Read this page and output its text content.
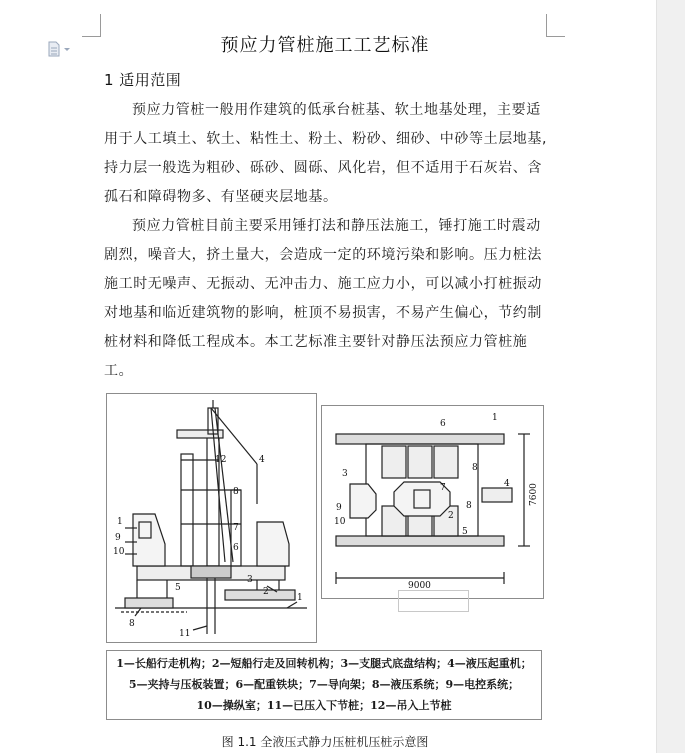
预应力管桩施工工艺标准
1 适用范围
预应力管桩一般用作建筑的低承台桩基、软土地基处理，主要适
用于人工填土、软土、粘性土、粉土、粉砂、细砂、中砂等土层地基,
持力层一般选为粗砂、砾砂、圆砾、风化岩，但不适用于石灰岩、含
孤石和障碍物多、有坚硬夹层地基。
预应力管桩目前主要采用锤打法和静压法施工，锤打施工时震动
剧烈，噪音大，挤土量大，会造成一定的环境污染和影响。压力桩法
施工时无噪声、无振动、无冲击力、施工应力小，可以减小打桩振动
对地基和临近建筑物的影响，桩顶不易损害，不易产生偏心，节约制
桩材料和降低工程成本。本工艺标准主要针对静压法预应力管桩施
工。
12	4
8
7
6
1
9
10
5
3
2
1
8
11
1
6
3
8
7	4
9
10
2
8
5
9000
7600
1—长船行走机构；2—短船行走及回转机构；3—支腿式底盘结构；4—液压起重机；
5—夹持与压板装置；6—配重铁块；7—导向架；8—液压系统；9—电控系统；
10—操纵室；11—已压入下节桩；12—吊入上节桩
图 1.1 全液压式静力压桩机压桩示意图
